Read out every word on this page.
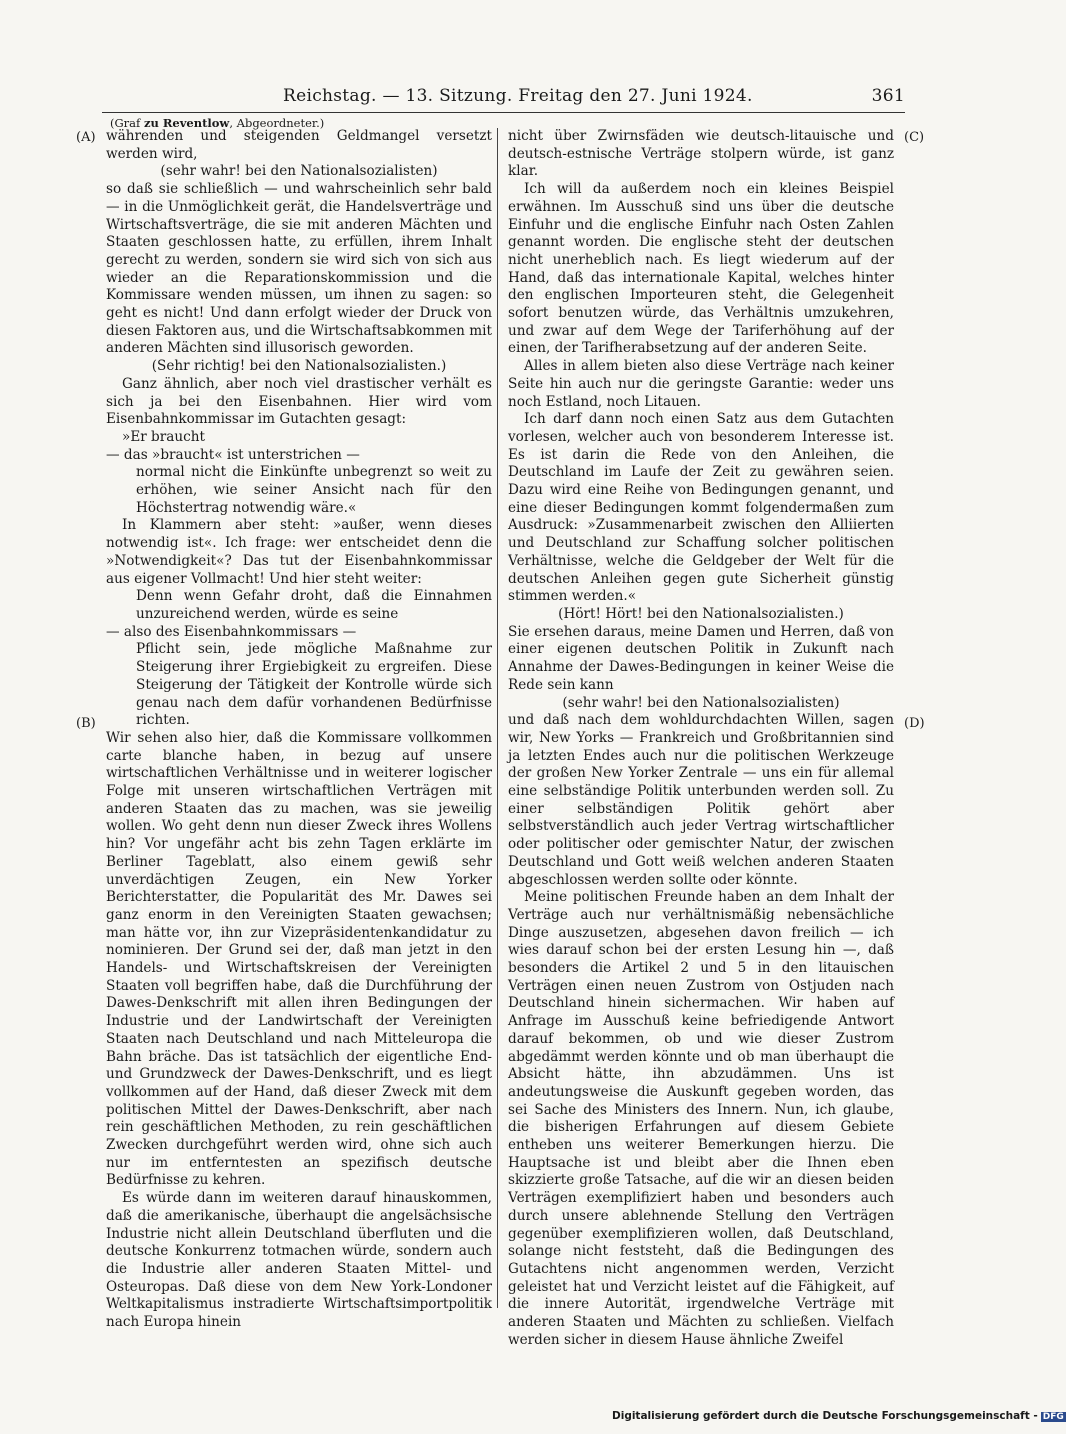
Reichstag. — 13. Sitzung. Freitag den 27. Juni 1924.	361
(Graf zu Reventlow, Abgeordneter.)
(A)
(B)
(C)
(D)

währenden und steigenden Geldmangel versetzt werden wird,

(sehr wahr! bei den Nationalsozialisten)

so daß sie schließlich — und wahrscheinlich sehr bald — in die Unmöglichkeit gerät, die Handelsverträge und Wirtschaftsverträge, die sie mit anderen Mächten und Staaten geschlossen hatte, zu erfüllen, ihrem Inhalt gerecht zu werden, sondern sie wird sich von sich aus wieder an die Reparationskommission und die Kommissare wenden müssen, um ihnen zu sagen: so geht es nicht! Und dann erfolgt wieder der Druck von diesen Faktoren aus, und die Wirtschaftsabkommen mit anderen Mächten sind illusorisch geworden.

(Sehr richtig! bei den Nationalsozialisten.)

Ganz ähnlich, aber noch viel drastischer verhält es sich ja bei den Eisenbahnen. Hier wird vom Eisenbahnkommissar im Gutachten gesagt:

»Er braucht

— das »braucht« ist unterstrichen —

normal nicht die Einkünfte unbegrenzt so weit zu erhöhen, wie seiner Ansicht nach für den Höchstertrag notwendig wäre.«

In Klammern aber steht: »außer, wenn dieses notwendig ist«. Ich frage: wer entscheidet denn die »Notwendigkeit«? Das tut der Eisenbahnkommissar aus eigener Vollmacht! Und hier steht weiter:

Denn wenn Gefahr droht, daß die Einnahmen unzureichend werden, würde es seine

— also des Eisenbahnkommissars —

Pflicht sein, jede mögliche Maßnahme zur Steigerung ihrer Ergiebigkeit zu ergreifen. Diese Steigerung der Tätigkeit der Kontrolle würde sich genau nach dem dafür vorhandenen Bedürfnisse richten.

Wir sehen also hier, daß die Kommissare vollkommen carte blanche haben, in bezug auf unsere wirtschaftlichen Verhältnisse und in weiterer logischer Folge mit unseren wirtschaftlichen Verträgen mit anderen Staaten das zu machen, was sie jeweilig wollen. Wo geht denn nun dieser Zweck ihres Wollens hin? Vor ungefähr acht bis zehn Tagen erklärte im Berliner Tageblatt, also einem gewiß sehr unverdächtigen Zeugen, ein New Yorker Berichterstatter, die Popularität des Mr. Dawes sei ganz enorm in den Vereinigten Staaten gewachsen; man hätte vor, ihn zur Vizepräsidentenkandidatur zu nominieren. Der Grund sei der, daß man jetzt in den Handels- und Wirtschaftskreisen der Vereinigten Staaten voll begriffen habe, daß die Durchführung der Dawes-Denkschrift mit allen ihren Bedingungen der Industrie und der Landwirtschaft der Vereinigten Staaten nach Deutschland und nach Mitteleuropa die Bahn bräche. Das ist tatsächlich der eigentliche End- und Grundzweck der Dawes-Denkschrift, und es liegt vollkommen auf der Hand, daß dieser Zweck mit dem politischen Mittel der Dawes-Denkschrift, aber nach rein geschäftlichen Methoden, zu rein geschäftlichen Zwecken durchgeführt werden wird, ohne sich auch nur im entferntesten an spezifisch deutsche Bedürfnisse zu kehren.

Es würde dann im weiteren darauf hinauskommen, daß die amerikanische, überhaupt die angelsächsische Industrie nicht allein Deutschland überfluten und die deutsche Konkurrenz totmachen würde, sondern auch die Industrie aller anderen Staaten Mittel- und Osteuropas. Daß diese von dem New York-Londoner Weltkapitalismus instradierte Wirtschaftsimportpolitik nach Europa hinein

nicht über Zwirnsfäden wie deutsch-litauische und deutsch-estnische Verträge stolpern würde, ist ganz klar.

Ich will da außerdem noch ein kleines Beispiel erwähnen. Im Ausschuß sind uns über die deutsche Einfuhr und die englische Einfuhr nach Osten Zahlen genannt worden. Die englische steht der deutschen nicht unerheblich nach. Es liegt wiederum auf der Hand, daß das internationale Kapital, welches hinter den englischen Importeuren steht, die Gelegenheit sofort benutzen würde, das Verhältnis umzukehren, und zwar auf dem Wege der Tariferhöhung auf der einen, der Tarifherabsetzung auf der anderen Seite.

Alles in allem bieten also diese Verträge nach keiner Seite hin auch nur die geringste Garantie: weder uns noch Estland, noch Litauen.

Ich darf dann noch einen Satz aus dem Gutachten vorlesen, welcher auch von besonderem Interesse ist. Es ist darin die Rede von den Anleihen, die Deutschland im Laufe der Zeit zu gewähren seien. Dazu wird eine Reihe von Bedingungen genannt, und eine dieser Bedingungen kommt folgendermaßen zum Ausdruck: »Zusammenarbeit zwischen den Alliierten und Deutschland zur Schaffung solcher politischen Verhältnisse, welche die Geldgeber der Welt für die deutschen Anleihen gegen gute Sicherheit günstig stimmen werden.«

(Hört! Hört! bei den Nationalsozialisten.)

Sie ersehen daraus, meine Damen und Herren, daß von einer eigenen deutschen Politik in Zukunft nach Annahme der Dawes-Bedingungen in keiner Weise die Rede sein kann

(sehr wahr! bei den Nationalsozialisten)

und daß nach dem wohldurchdachten Willen, sagen wir, New Yorks — Frankreich und Großbritannien sind ja letzten Endes auch nur die politischen Werkzeuge der großen New Yorker Zentrale — uns ein für allemal eine selbständige Politik unterbunden werden soll. Zu einer selbständigen Politik gehört aber selbstverständlich auch jeder Vertrag wirtschaftlicher oder politischer oder gemischter Natur, der zwischen Deutschland und Gott weiß welchen anderen Staaten abgeschlossen werden sollte oder könnte.

Meine politischen Freunde haben an dem Inhalt der Verträge auch nur verhältnismäßig nebensächliche Dinge auszusetzen, abgesehen davon freilich — ich wies darauf schon bei der ersten Lesung hin —, daß besonders die Artikel 2 und 5 in den litauischen Verträgen einen neuen Zustrom von Ostjuden nach Deutschland hinein sichermachen. Wir haben auf Anfrage im Ausschuß keine befriedigende Antwort darauf bekommen, ob und wie dieser Zustrom abgedämmt werden könnte und ob man überhaupt die Absicht hätte, ihn abzudämmen. Uns ist andeutungsweise die Auskunft gegeben worden, das sei Sache des Ministers des Innern. Nun, ich glaube, die bisherigen Erfahrungen auf diesem Gebiete entheben uns weiterer Bemerkungen hierzu. Die Hauptsache ist und bleibt aber die Ihnen eben skizzierte große Tatsache, auf die wir an diesen beiden Verträgen exemplifiziert haben und besonders auch durch unsere ablehnende Stellung den Verträgen gegenüber exemplifizieren wollen, daß Deutschland, solange nicht feststeht, daß die Bedingungen des Gutachtens nicht angenommen werden, Verzicht geleistet hat und Verzicht leistet auf die Fähigkeit, auf die innere Autorität, irgendwelche Verträge mit anderen Staaten und Mächten zu schließen. Vielfach werden sicher in diesem Hause ähnliche Zweifel

Digitalisierung gefördert durch die Deutsche Forschungsgemeinschaft - DFG
